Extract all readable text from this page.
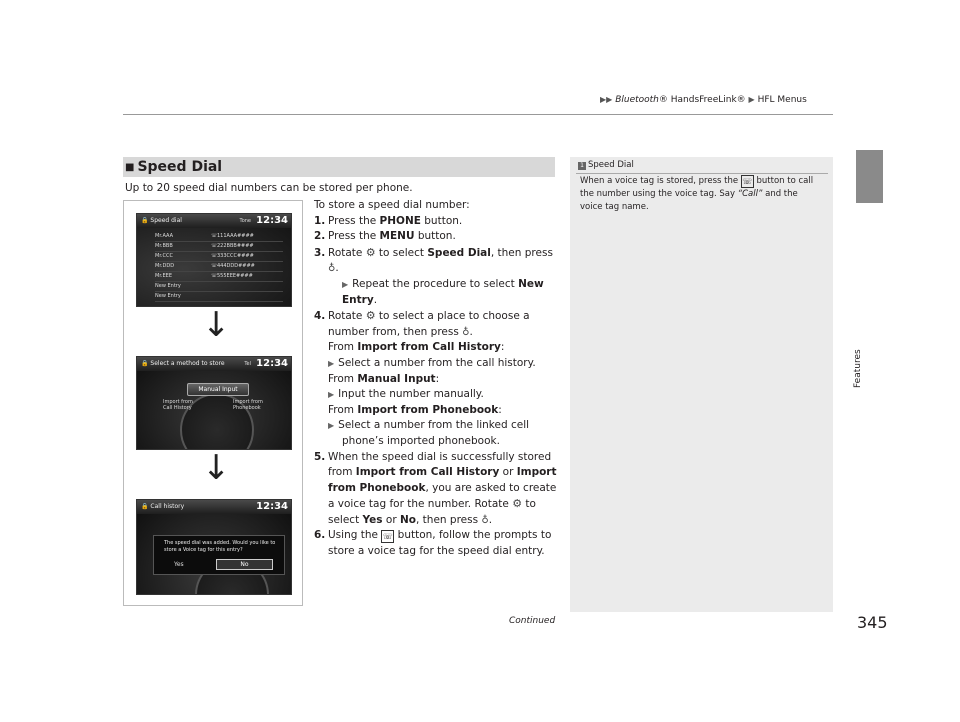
▶▶ Bluetooth® HandsFreeLink® ▶ HFL Menus
Features
■ Speed Dial
Up to 20 speed dial numbers can be stored per phone.
🔒 Speed dial	Tone 12:34
Mr.AAA	☏ 111AAA####
Mr.BBB	☏ 222BBB####
Mr.CCC	☏ 333CCC####
Mr.DDD	☏ 444DDD####
Mr.EEE	☏ 555EEE####
New Entry
New Entry
↓
🔒 Select a method to store	Tel 12:34
Manual Input
Import from Call History
Import from Phonebook
↓
🔒 Call history	12:34
The speed dial was added. Would you like to store a Voice tag for this entry?
Yes	No

To store a speed dial number:

1. Press the PHONE button.

2. Press the MENU button.

3. Rotate ⚙ to select Speed Dial, then press ♁.

▶ Repeat the procedure to select New Entry.

4. Rotate ⚙ to select a place to choose a number from, then press ♁.

From Import from Call History:

▶ Select a number from the call history.

From Manual Input:

▶ Input the number manually.

From Import from Phonebook:

▶ Select a number from the linked cell phone’s imported phonebook.

5. When the speed dial is successfully stored from Import from Call History or Import from Phonebook, you are asked to create a voice tag for the number. Rotate ⚙ to select Yes or No, then press ♁.

6. Using the ☏ button, follow the prompts to store a voice tag for the speed dial entry.

1 Speed Dial
When a voice tag is stored, press the ☏ button to call the number using the voice tag. Say “Call” and the voice tag name.
Continued	345
